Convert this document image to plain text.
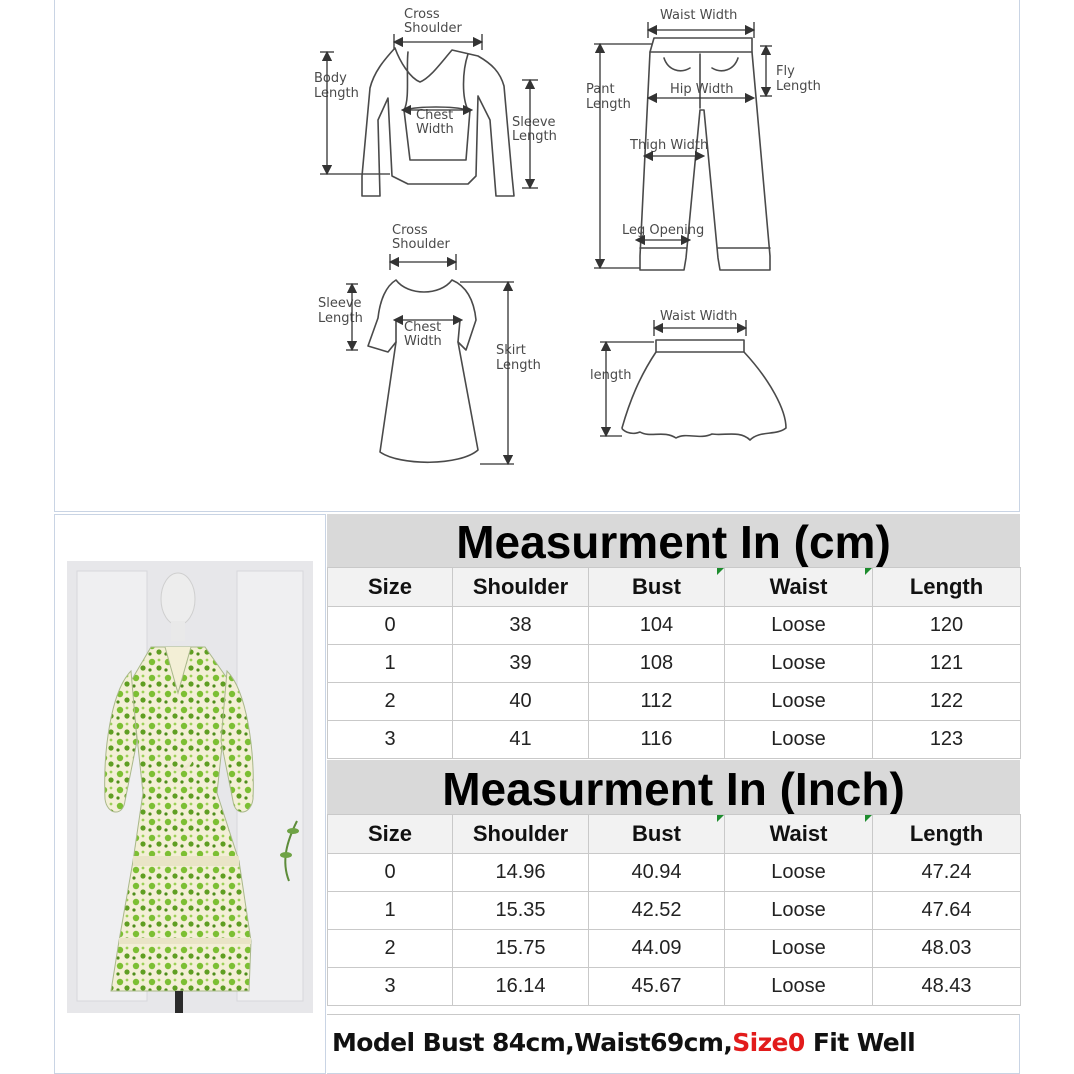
Cross
Shoulder
Body
Length
Chest
Width	Sleeve
Length
Waist Width
Pant
Length
Fly
Length
Hip Width
Thigh Width
Leg Opening
Cross
Shoulder
Sleeve
Length
Chest
Width
Skirt
Length
Waist Width
length
Measurment In (cm)
Size	Shoulder	Bust	Waist	Length
0	38	104	Loose	120
1	39	108	Loose	121
2	40	112	Loose	122
3	41	116	Loose	123
Measurment In (Inch)
Size	Shoulder	Bust	Waist	Length
0	14.96	40.94	Loose	47.24
1	15.35	42.52	Loose	47.64
2	15.75	44.09	Loose	48.03
3	16.14	45.67	Loose	48.43
Model Bust 84cm,Waist69cm,Size0 Fit Well
